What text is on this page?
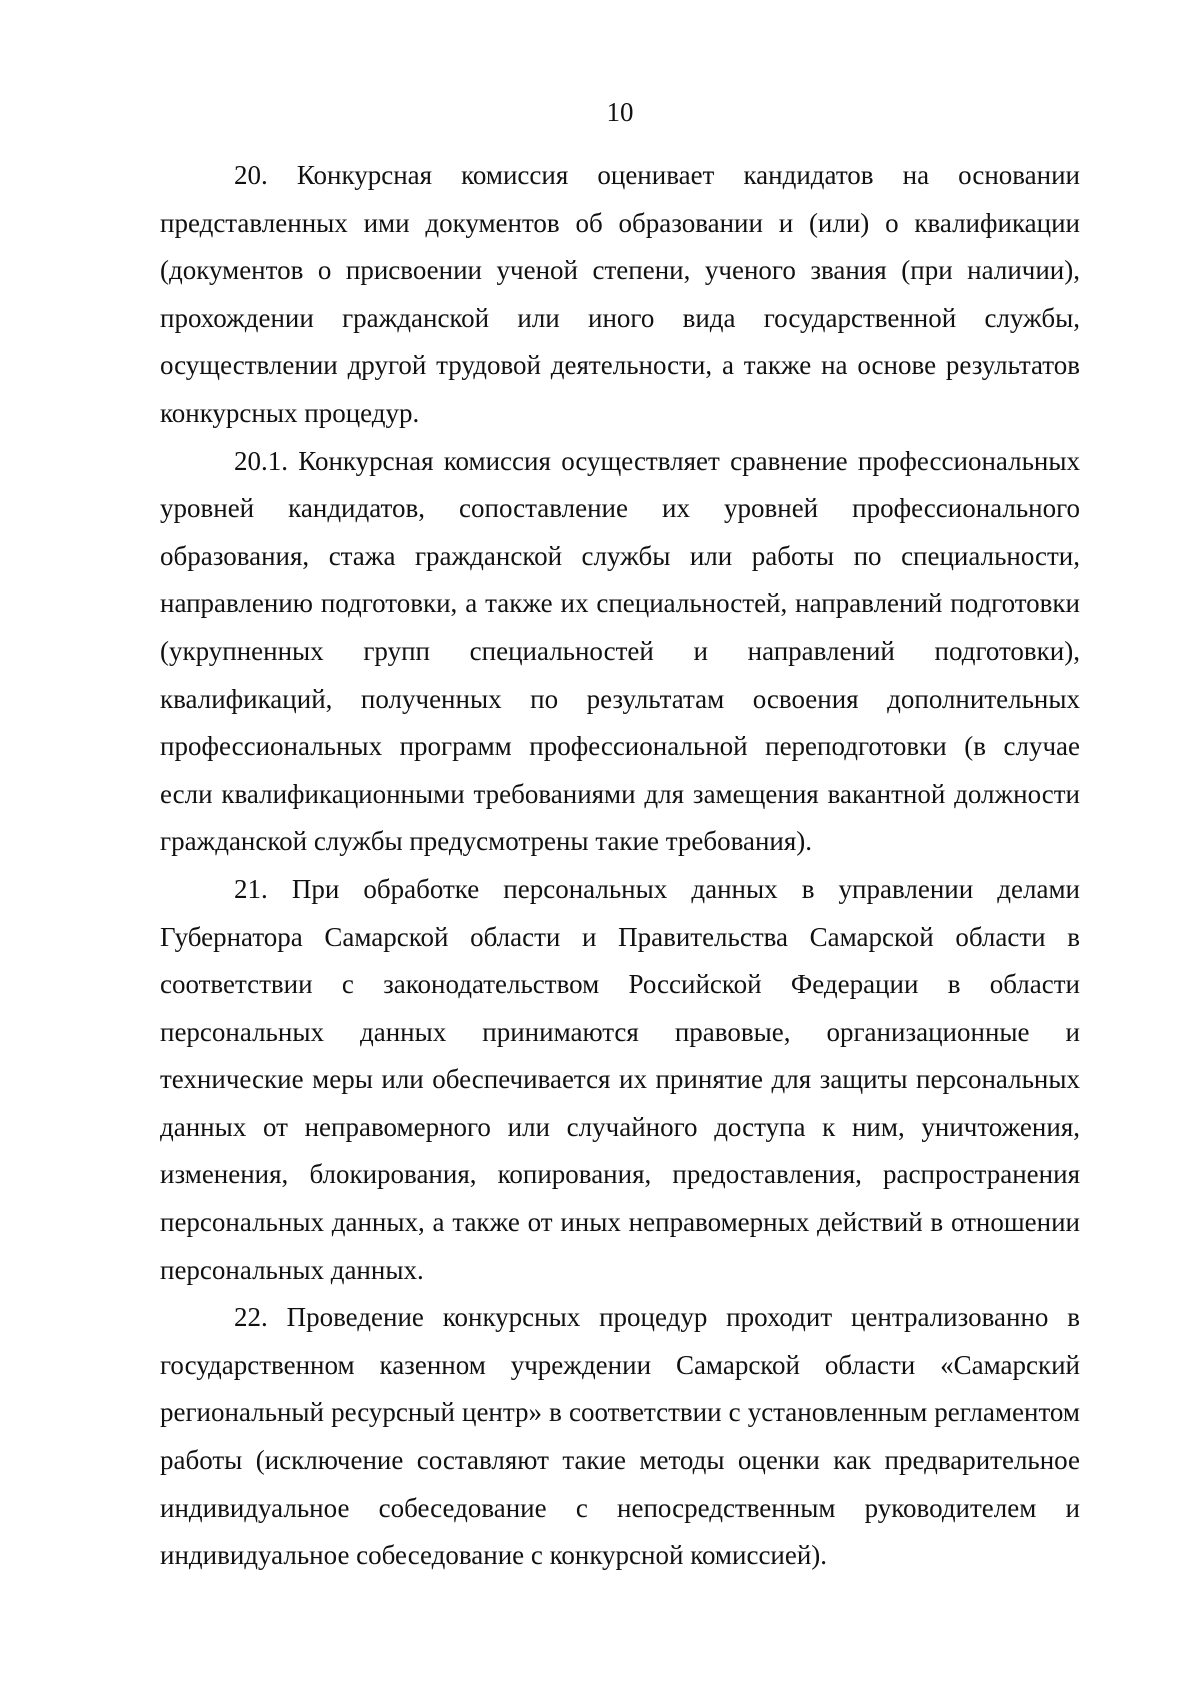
10

20. Конкурсная комиссия оценивает кандидатов на основании представленных ими документов об образовании и (или) о квалификации (документов о присвоении ученой степени, ученого звания (при наличии), прохождении гражданской или иного вида государственной службы, осуществлении другой трудовой деятельности, а также на основе результатов конкурсных процедур.

20.1. Конкурсная комиссия осуществляет сравнение профессиональных уровней кандидатов, сопоставление их уровней профессионального образования, стажа гражданской службы или работы по специальности, направлению подготовки, а также их специальностей, направлений подготовки (укрупненных групп специальностей и направлений подготовки), квалификаций, полученных по результатам освоения дополнительных профессиональных программ профессиональной переподготовки (в случае если квалификационными требованиями для замещения вакантной должности гражданской службы предусмотрены такие требования).

21. При обработке персональных данных в управлении делами Губернатора Самарской области и Правительства Самарской области в соответствии с законодательством Российской Федерации в области персональных данных принимаются правовые, организационные и технические меры или обеспечивается их принятие для защиты персональных данных от неправомерного или случайного доступа к ним, уничтожения, изменения, блокирования, копирования, предоставления, распространения персональных данных, а также от иных неправомерных действий в отношении персональных данных.

22. Проведение конкурсных процедур проходит централизованно в государственном казенном учреждении Самарской области «Самарский региональный ресурсный центр» в соответствии с установленным регламентом работы (исключение составляют такие методы оценки как предварительное индивидуальное собеседование с непосредственным руководителем и индивидуальное собеседование с конкурсной комиссией).
